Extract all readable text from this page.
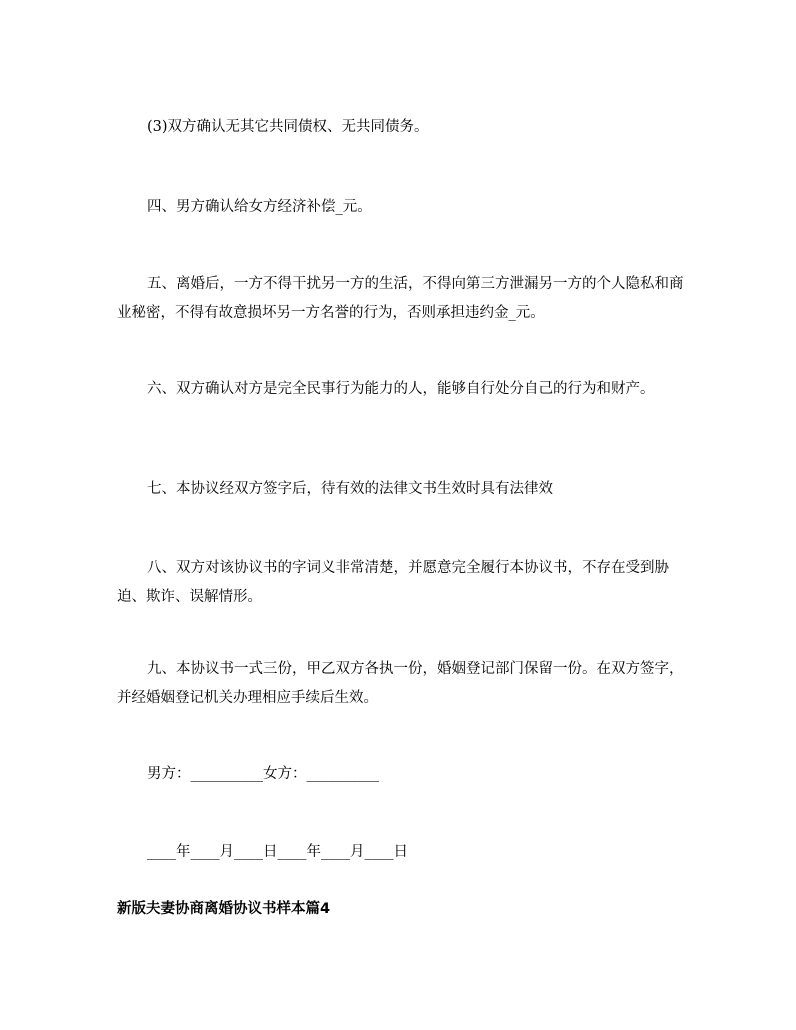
(3)双方确认无其它共同债权、无共同债务。

四、男方确认给女方经济补偿_元。

五、离婚后，一方不得干扰另一方的生活，不得向第三方泄漏另一方的个人隐私和商业秘密，不得有故意损坏另一方名誉的行为，否则承担违约金_元。

六、双方确认对方是完全民事行为能力的人，能够自行处分自己的行为和财产。

七、本协议经双方签字后，待有效的法律文书生效时具有法律效

八、双方对该协议书的字词义非常清楚，并愿意完全履行本协议书，不存在受到胁迫、欺诈、误解情形。

九、本协议书一式三份，甲乙双方各执一份，婚姻登记部门保留一份。在双方签字，并经婚姻登记机关办理相应手续后生效。

男方：__________女方：__________

____年____月____日____年____月____日

新版夫妻协商离婚协议书样本篇4
